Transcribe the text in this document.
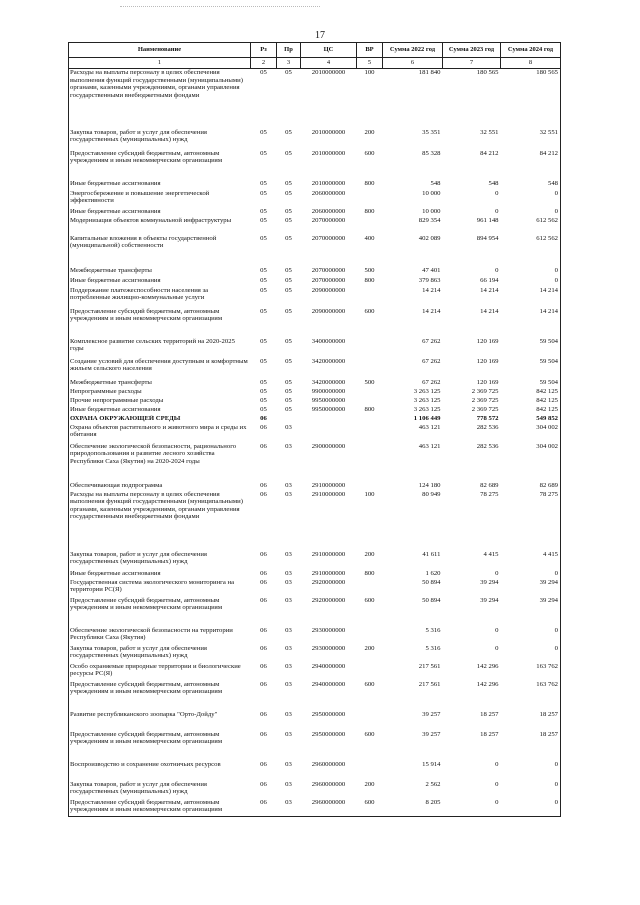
17
Наименование	Рз	Пр	ЦС	ВР	Сумма 2022 год	Сумма 2023 год	Сумма 2024 год
1	2	3	4	5	6	7	8
Расходы на выплаты персоналу в целях обеспечения выполнения функций государственными (муниципальными) органами, казенными учреждениями, органами управления государственными внебюджетными фондами	05	05	2010000000	100	181 840	180 565	180 565
Закупка товаров, работ и услуг для обеспечения государственных (муниципальных) нужд	05	05	2010000000	200	35 351	32 551	32 551
Предоставление субсидий бюджетным, автономным учреждениям и иным некоммерческим организациям	05	05	2010000000	600	85 328	84 212	84 212
Иные бюджетные ассигнования	05	05	2010000000	800	548	548	548
Энергосбережение и повышение энергетической эффективности	05	05	2060000000		10 000	0	0
Иные бюджетные ассигнования	05	05	2060000000	800	10 000	0	0
Модернизация объектов коммунальной инфраструктуры	05	05	2070000000		829 354	961 148	612 562
Капитальные вложения в объекты государственной (муниципальной) собственности	05	05	2070000000	400	402 089	894 954	612 562
Межбюджетные трансферты	05	05	2070000000	500	47 401	0	0
Иные бюджетные ассигнования	05	05	2070000000	800	379 863	66 194	0
Поддержание платежеспособности населения за потребленные жилищно-коммунальные услуги	05	05	2090000000		14 214	14 214	14 214
Предоставление субсидий бюджетным, автономным учреждениям и иным некоммерческим организациям	05	05	2090000000	600	14 214	14 214	14 214
Комплексное развитие сельских территорий на 2020-2025 годы	05	05	3400000000		67 262	120 169	59 504
Создание условий для обеспечения доступным и комфортным жильем сельского населения	05	05	3420000000		67 262	120 169	59 504
Межбюджетные трансферты	05	05	3420000000	500	67 262	120 169	59 504
Непрограммные расходы	05	05	9900000000		3 263 125	2 369 725	842 125
Прочие непрограммные расходы	05	05	9950000000		3 263 125	2 369 725	842 125
Иные бюджетные ассигнования	05	05	9950000000	800	3 263 125	2 369 725	842 125
ОХРАНА ОКРУЖАЮЩЕЙ СРЕДЫ	06				1 106 449	778 572	549 852
Охрана объектов растительного и животного мира и среды их обитания	06	03			463 121	282 536	304 002
Обеспечение экологической безопасности, рационального природопользования и развитие лесного хозяйства Республики Саха (Якутия) на 2020-2024 годы	06	03	2900000000		463 121	282 536	304 002
Обеспечивающая подпрограмма	06	03	2910000000		124 180	82 689	82 689
Расходы на выплаты персоналу в целях обеспечения выполнения функций государственными (муниципальными) органами, казенными учреждениями, органами управления государственными внебюджетными фондами	06	03	2910000000	100	80 949	78 275	78 275
Закупка товаров, работ и услуг для обеспечения государственных (муниципальных) нужд	06	03	2910000000	200	41 611	4 415	4 415
Иные бюджетные ассигнования	06	03	2910000000	800	1 620	0	0
Государственная система экологического мониторинга на территории РС(Я)	06	03	2920000000		50 894	39 294	39 294
Предоставление субсидий бюджетным, автономным учреждениям и иным некоммерческим организациям	06	03	2920000000	600	50 894	39 294	39 294
Обеспечение экологической безопасности на территории Республики Саха (Якутия)	06	03	2930000000		5 316	0	0
Закупка товаров, работ и услуг для обеспечения государственных (муниципальных) нужд	06	03	2930000000	200	5 316	0	0
Особо охраняемые природные территории и биологические ресурсы РС(Я)	06	03	2940000000		217 561	142 296	163 762
Предоставление субсидий бюджетным, автономным учреждениям и иным некоммерческим организациям	06	03	2940000000	600	217 561	142 296	163 762
Развитие республиканского зоопарка "Орто-Дойду"	06	03	2950000000		39 257	18 257	18 257
Предоставление субсидий бюджетным, автономным учреждениям и иным некоммерческим организациям	06	03	2950000000	600	39 257	18 257	18 257
Воспроизводство и сохранение охотничьих ресурсов	06	03	2960000000		15 914	0	0
Закупка товаров, работ и услуг для обеспечения государственных (муниципальных) нужд	06	03	2960000000	200	2 562	0	0
Предоставление субсидий бюджетным, автономным учреждениям и иным некоммерческим организациям	06	03	2960000000	600	8 205	0	0
